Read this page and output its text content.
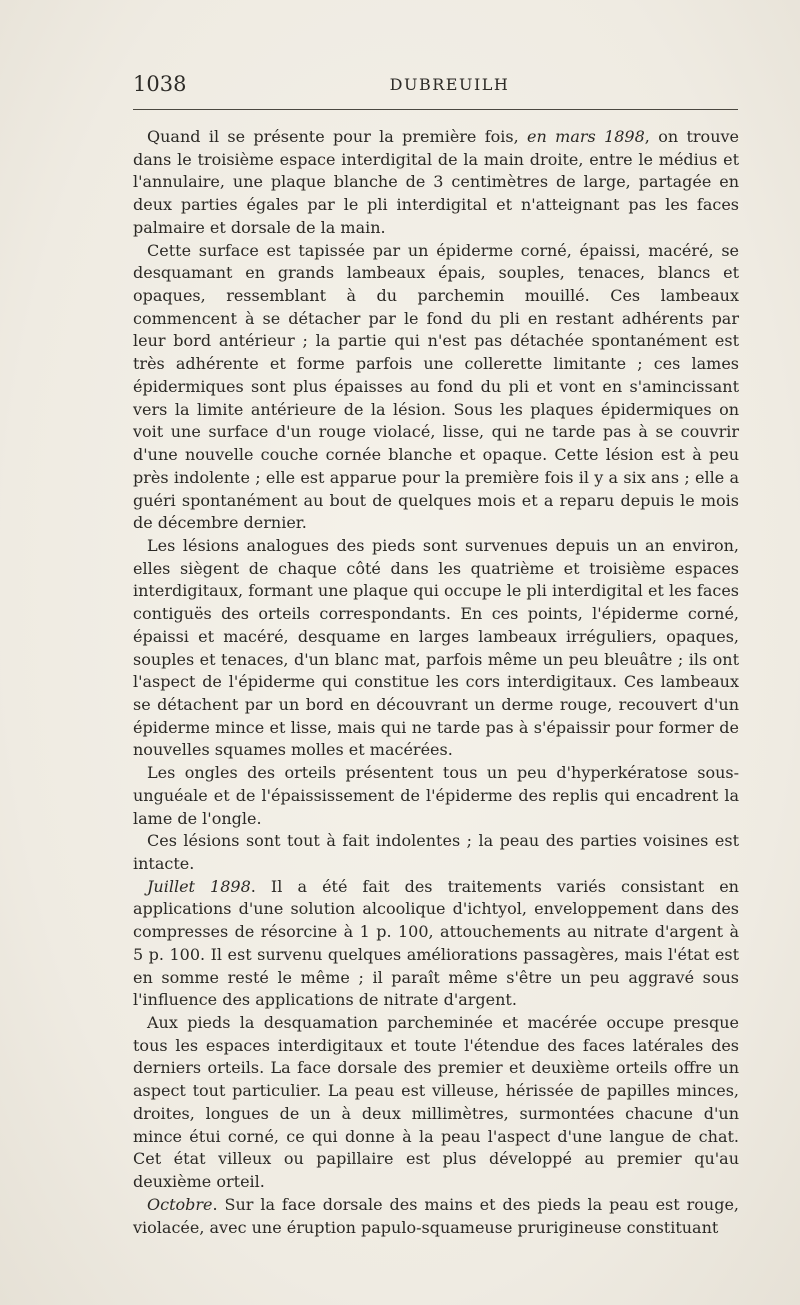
1038	DUBREUILH

Quand il se présente pour la première fois, en mars 1898, on trouve dans le troisième espace interdigital de la main droite, entre le médius et l'annulaire, une plaque blanche de 3 centimètres de large, partagée en deux parties égales par le pli interdigital et n'atteignant pas les faces palmaire et dorsale de la main.

Cette surface est tapissée par un épiderme corné, épaissi, macéré, se desquamant en grands lambeaux épais, souples, tenaces, blancs et opaques, ressemblant à du parchemin mouillé. Ces lambeaux commencent à se détacher par le fond du pli en restant adhérents par leur bord antérieur ; la partie qui n'est pas détachée spontanément est très adhérente et forme parfois une collerette limitante ; ces lames épidermiques sont plus épaisses au fond du pli et vont en s'amincissant vers la limite antérieure de la lésion. Sous les plaques épidermiques on voit une surface d'un rouge violacé, lisse, qui ne tarde pas à se couvrir d'une nouvelle couche cornée blanche et opaque. Cette lésion est à peu près indolente ; elle est apparue pour la première fois il y a six ans ; elle a guéri spontanément au bout de quelques mois et a reparu depuis le mois de décembre dernier.

Les lésions analogues des pieds sont survenues depuis un an environ, elles siègent de chaque côté dans les quatrième et troisième espaces interdigitaux, formant une plaque qui occupe le pli interdigital et les faces contiguës des orteils correspondants. En ces points, l'épiderme corné, épaissi et macéré, desquame en larges lambeaux irréguliers, opaques, souples et tenaces, d'un blanc mat, parfois même un peu bleuâtre ; ils ont l'aspect de l'épiderme qui constitue les cors interdigitaux. Ces lambeaux se détachent par un bord en découvrant un derme rouge, recouvert d'un épiderme mince et lisse, mais qui ne tarde pas à s'épaissir pour former de nouvelles squames molles et macérées.

Les ongles des orteils présentent tous un peu d'hyperkératose sous-unguéale et de l'épaississement de l'épiderme des replis qui encadrent la lame de l'ongle.

Ces lésions sont tout à fait indolentes ; la peau des parties voisines est intacte.

Juillet 1898. Il a été fait des traitements variés consistant en applications d'une solution alcoolique d'ichtyol, enveloppement dans des compresses de résorcine à 1 p. 100, attouchements au nitrate d'argent à 5 p. 100. Il est survenu quelques améliorations passagères, mais l'état est en somme resté le même ; il paraît même s'être un peu aggravé sous l'influence des applications de nitrate d'argent.

Aux pieds la desquamation parcheminée et macérée occupe presque tous les espaces interdigitaux et toute l'étendue des faces latérales des derniers orteils. La face dorsale des premier et deuxième orteils offre un aspect tout particulier. La peau est villeuse, hérissée de papilles minces, droites, longues de un à deux millimètres, surmontées chacune d'un mince étui corné, ce qui donne à la peau l'aspect d'une langue de chat. Cet état villeux ou papillaire est plus développé au premier qu'au deuxième orteil.

Octobre. Sur la face dorsale des mains et des pieds la peau est rouge, violacée, avec une éruption papulo-squameuse prurigineuse constituant
